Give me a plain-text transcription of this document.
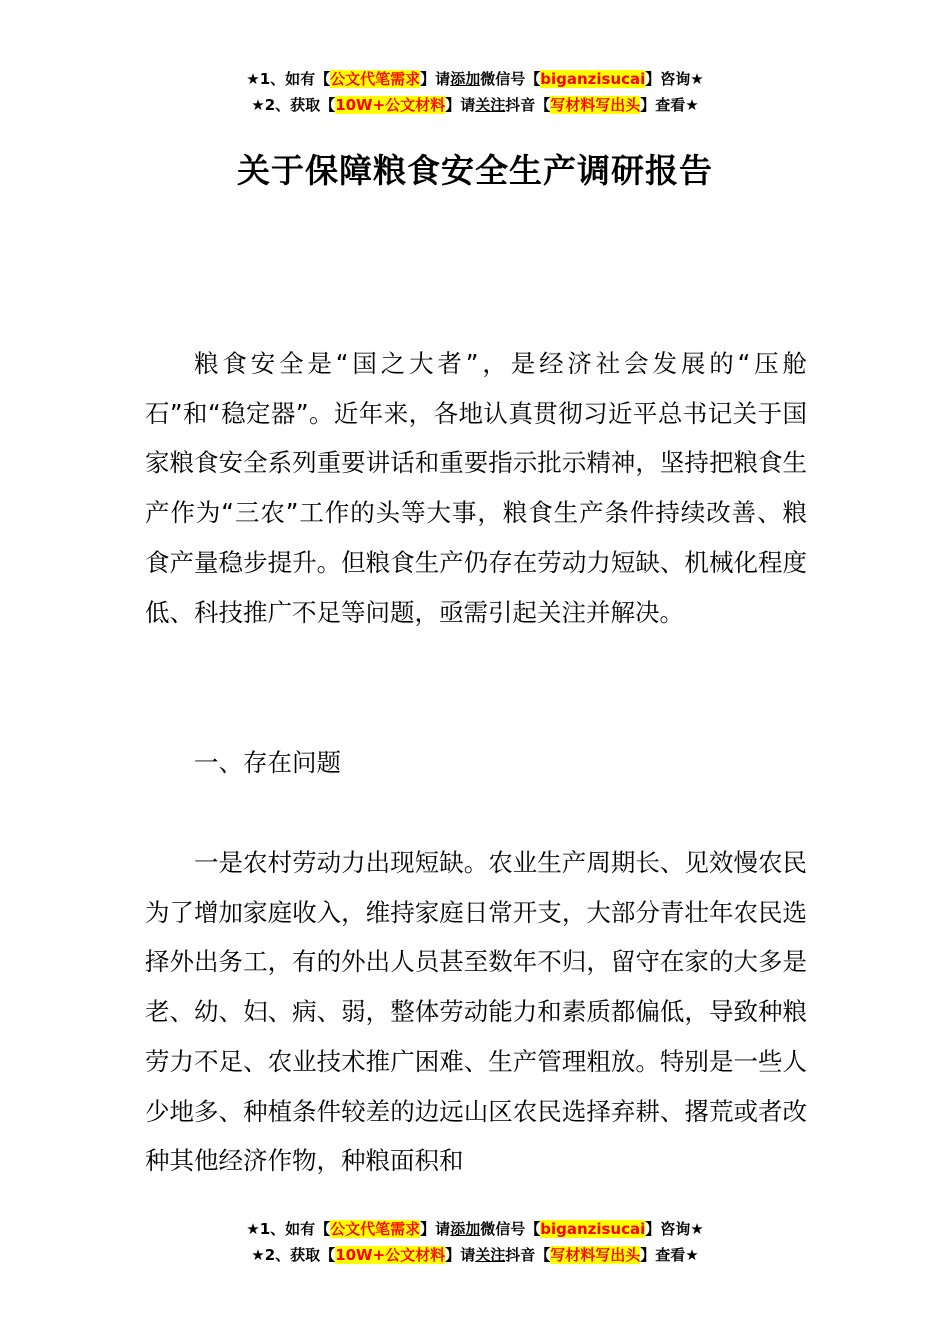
★1、如有【公文代笔需求】请添加微信号【biganzisucai】咨询★
★2、获取【10W+公文材料】请关注抖音【写材料写出头】查看★
关于保障粮食安全生产调研报告

粮食安全是“国之大者”，是经济社会发展的“压舱石”和“稳定器”。近年来，各地认真贯彻习近平总书记关于国家粮食安全系列重要讲话和重要指示批示精神，坚持把粮食生产作为“三农”工作的头等大事，粮食生产条件持续改善、粮食产量稳步提升。但粮食生产仍存在劳动力短缺、机械化程度低、科技推广不足等问题，亟需引起关注并解决。

一、存在问题

一是农村劳动力出现短缺。农业生产周期长、见效慢农民为了增加家庭收入，维持家庭日常开支，大部分青壮年农民选择外出务工，有的外出人员甚至数年不归，留守在家的大多是老、幼、妇、病、弱，整体劳动能力和素质都偏低，导致种粮劳力不足、农业技术推广困难、生产管理粗放。特别是一些人少地多、种植条件较差的边远山区农民选择弃耕、撂荒或者改种其他经济作物，种粮面积和

★1、如有【公文代笔需求】请添加微信号【biganzisucai】咨询★
★2、获取【10W+公文材料】请关注抖音【写材料写出头】查看★
